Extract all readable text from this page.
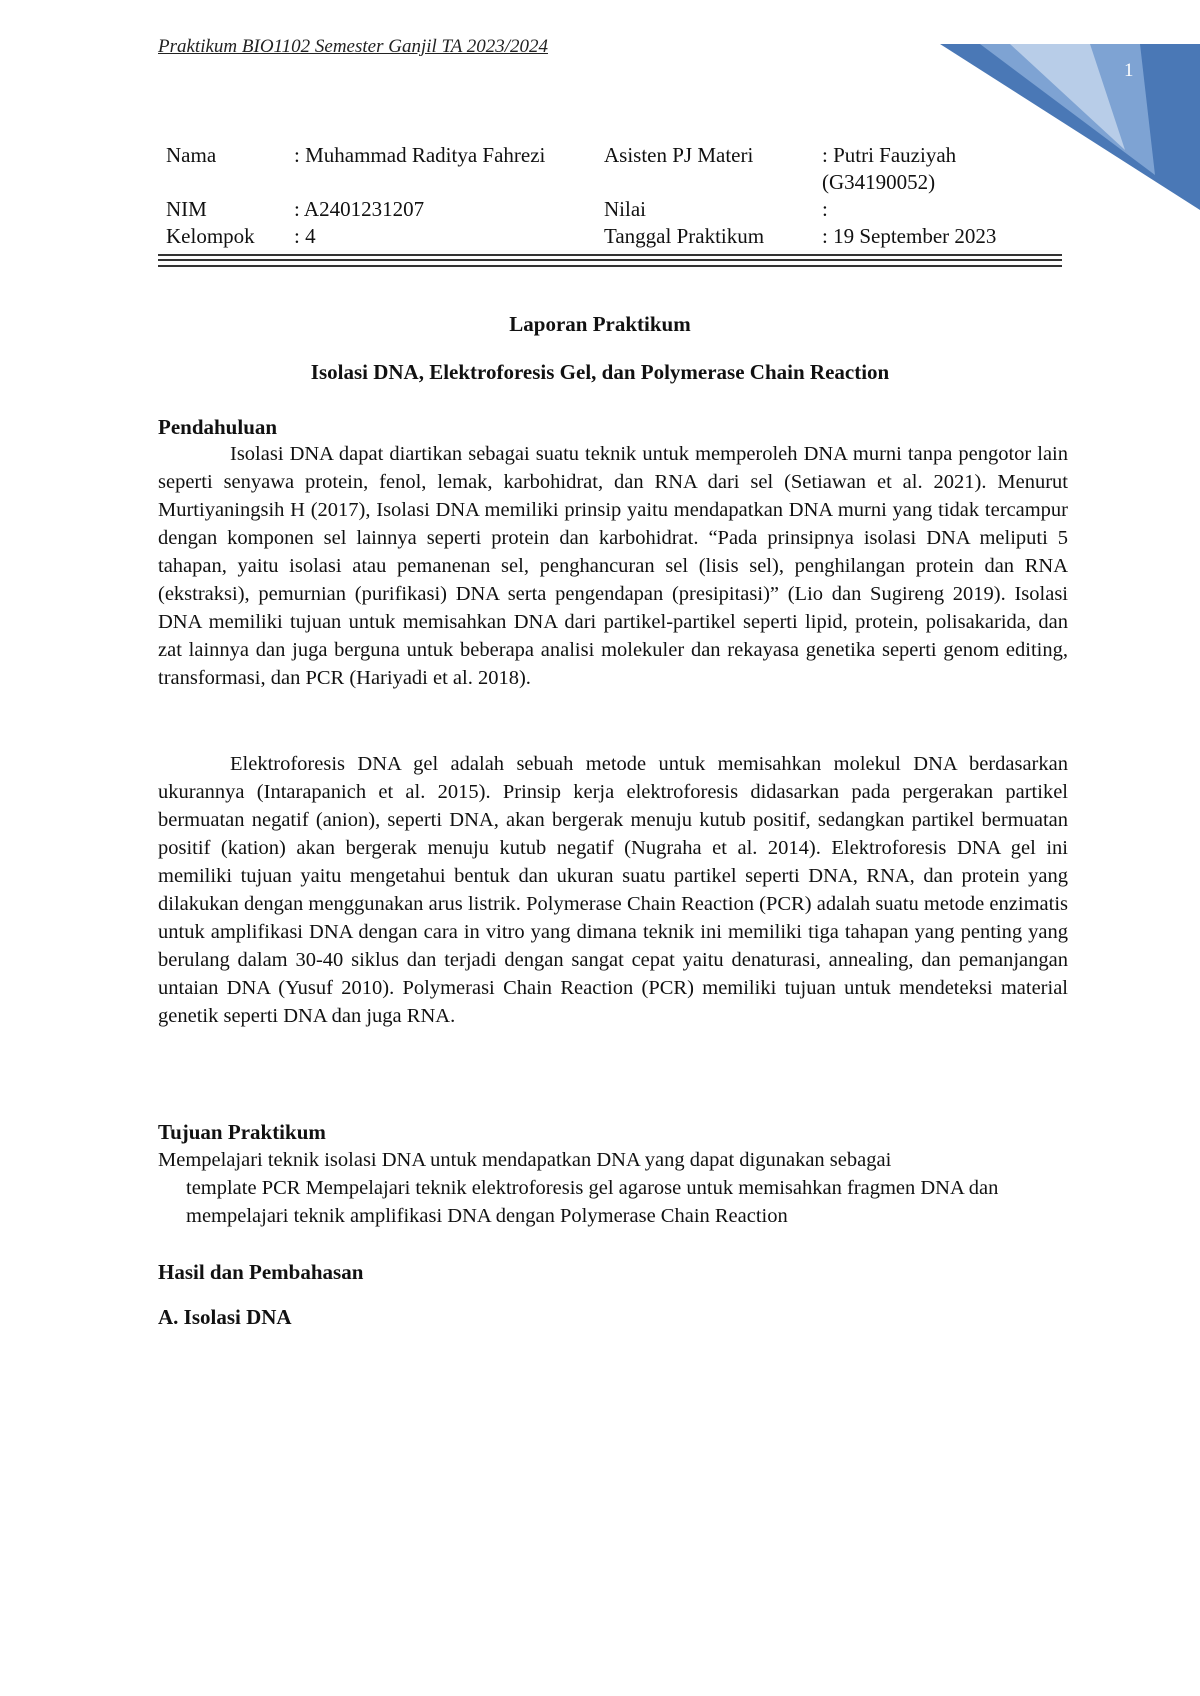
Praktikum BIO1102 Semester Ganjil TA 2023/2024
1
Nama	: Muhammad Raditya Fahrezi	Asisten PJ Materi	: Putri Fauziyah (G34190052)
NIM	: A2401231207	Nilai	:
Kelompok	: 4	Tanggal Praktikum	: 19 September 2023
Laporan Praktikum
Isolasi DNA, Elektroforesis Gel, dan Polymerase Chain Reaction
Pendahuluan

Isolasi DNA dapat diartikan sebagai suatu teknik untuk memperoleh DNA murni tanpa pengotor lain seperti senyawa protein, fenol, lemak, karbohidrat, dan RNA dari sel (Setiawan et al. 2021). Menurut Murtiyaningsih H (2017), Isolasi DNA memiliki prinsip yaitu mendapatkan DNA murni yang tidak tercampur dengan komponen sel lainnya seperti protein dan karbohidrat. “Pada prinsipnya isolasi DNA meliputi 5 tahapan, yaitu isolasi atau pemanenan sel, penghancuran sel (lisis sel), penghilangan protein dan RNA (ekstraksi), pemurnian (purifikasi) DNA serta pengendapan (presipitasi)” (Lio dan Sugireng 2019). Isolasi DNA memiliki tujuan untuk memisahkan DNA dari partikel-partikel seperti lipid, protein, polisakarida, dan zat lainnya dan juga berguna untuk beberapa analisi molekuler dan rekayasa genetika seperti genom editing, transformasi, dan PCR (Hariyadi et al. 2018).

Elektroforesis DNA gel adalah sebuah metode untuk memisahkan molekul DNA berdasarkan ukurannya (Intarapanich et al. 2015). Prinsip kerja elektroforesis didasarkan pada pergerakan partikel bermuatan negatif (anion), seperti DNA, akan bergerak menuju kutub positif, sedangkan partikel bermuatan positif (kation) akan bergerak menuju kutub negatif (Nugraha et al. 2014). Elektroforesis DNA gel ini memiliki tujuan yaitu mengetahui bentuk dan ukuran suatu partikel seperti DNA, RNA, dan protein yang dilakukan dengan menggunakan arus listrik. Polymerase Chain Reaction (PCR) adalah suatu metode enzimatis untuk amplifikasi DNA dengan cara in vitro yang dimana teknik ini memiliki tiga tahapan yang penting yang berulang dalam 30-40 siklus dan terjadi dengan sangat cepat yaitu denaturasi, annealing, dan pemanjangan untaian DNA (Yusuf 2010). Polymerasi Chain Reaction (PCR) memiliki tujuan untuk mendeteksi material genetik seperti DNA dan juga RNA.

Tujuan Praktikum

Mempelajari teknik isolasi DNA untuk mendapatkan DNA yang dapat digunakan sebagai
template PCR Mempelajari teknik elektroforesis gel agarose untuk memisahkan fragmen DNA dan mempelajari teknik amplifikasi DNA dengan Polymerase Chain Reaction

Hasil dan Pembahasan
A. Isolasi DNA
